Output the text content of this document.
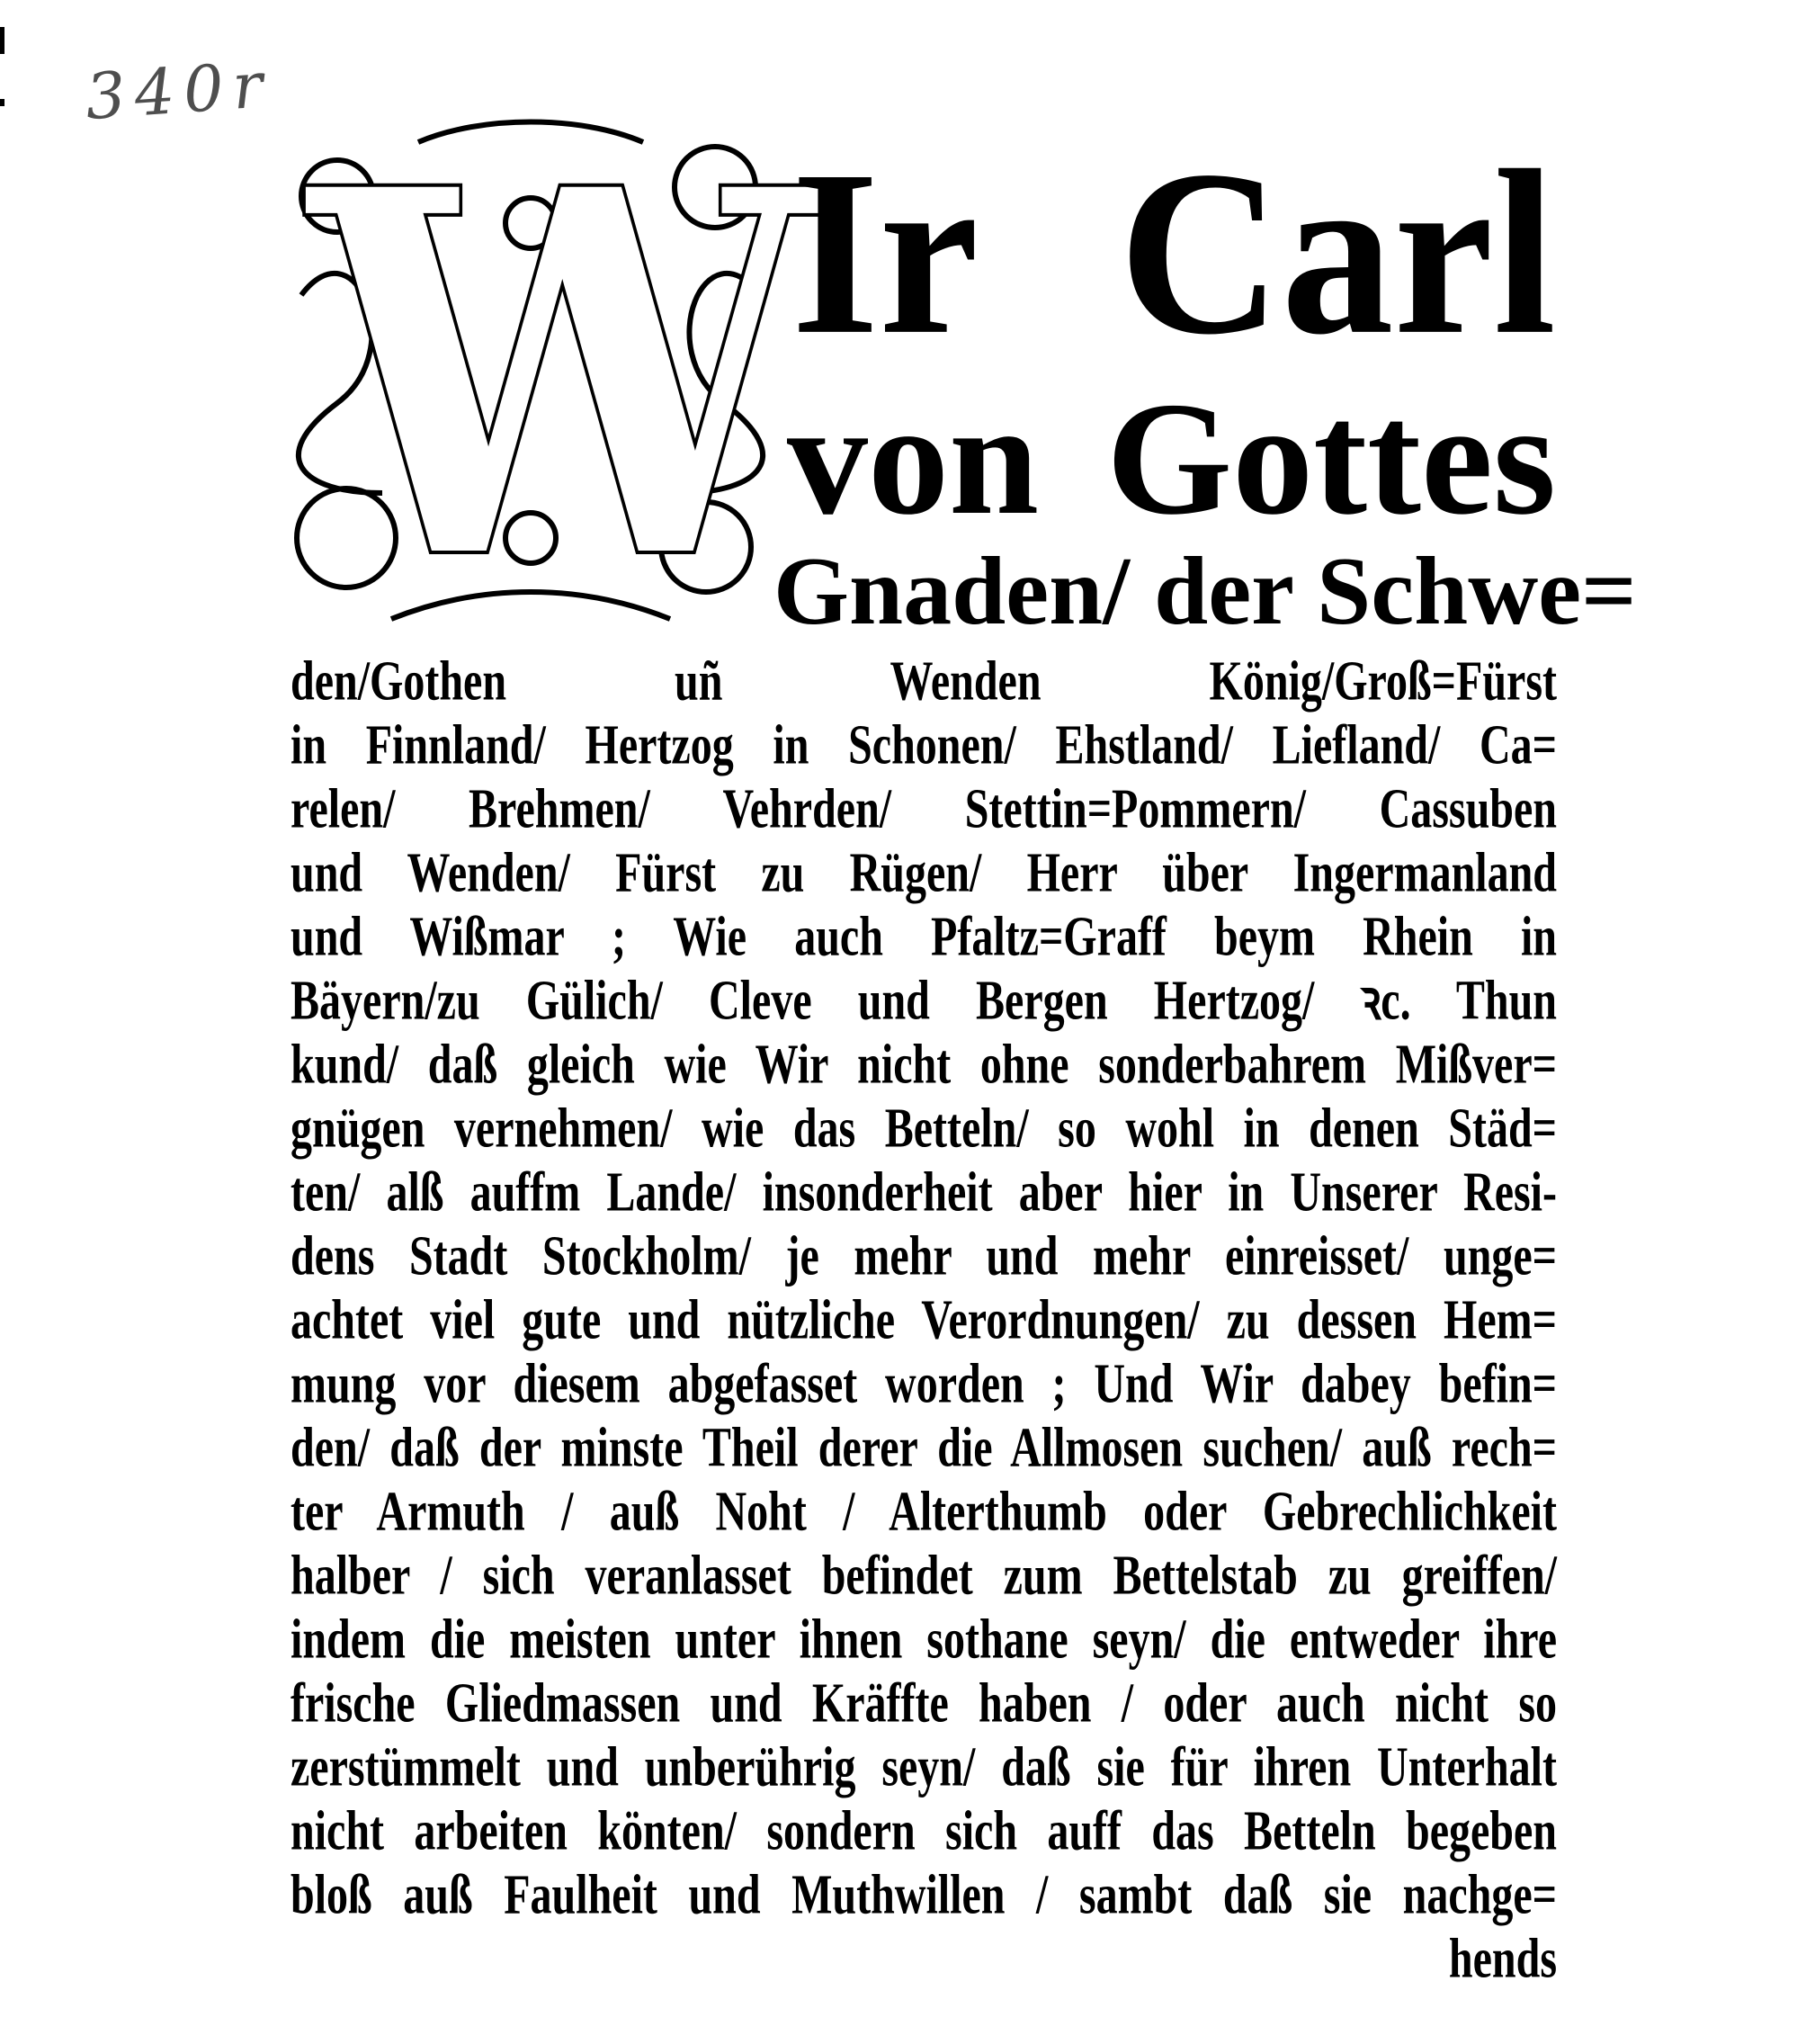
340r W
Ir Carl
von Gottes
Gnaden/ der Schwe=
den/Gothen uñ Wenden König/Groß=Fürst
in Finnland/ Hertzog in Schonen/ Ehstland/ Liefland/ Ca=
relen/ Brehmen/ Vehrden/ Stettin=Pommern/ Cassuben
und Wenden/ Fürst zu Rügen/ Herr über Ingermanland
und Wißmar ; Wie auch Pfaltz=Graff beym Rhein in
Bäyern/zu Gülich/ Cleve und Bergen Hertzog/ ꝛc. Thun
kund/ daß gleich wie Wir nicht ohne sonderbahrem Mißver=
gnügen vernehmen/ wie das Betteln/ so wohl in denen Städ=
ten/ alß auffm Lande/ insonderheit aber hier in Unserer Resi-
dens Stadt Stockholm/ je mehr und mehr einreisset/ unge=
achtet viel gute und nützliche Verordnungen/ zu dessen Hem=
mung vor diesem abgefasset worden ; Und Wir dabey befin=
den/ daß der minste Theil derer die Allmosen suchen/ auß rech=
ter Armuth / auß Noht / Alterthumb oder Gebrechlichkeit
halber / sich veranlasset befindet zum Bettelstab zu greiffen/
indem die meisten unter ihnen sothane seyn/ die entweder ihre
frische Gliedmassen und Kräffte haben / oder auch nicht so
zerstümmelt und unberührig seyn/ daß sie für ihren Unterhalt
nicht arbeiten könten/ sondern sich auff das Betteln begeben
bloß auß Faulheit und Muthwillen / sambt daß sie nachge=
hends
